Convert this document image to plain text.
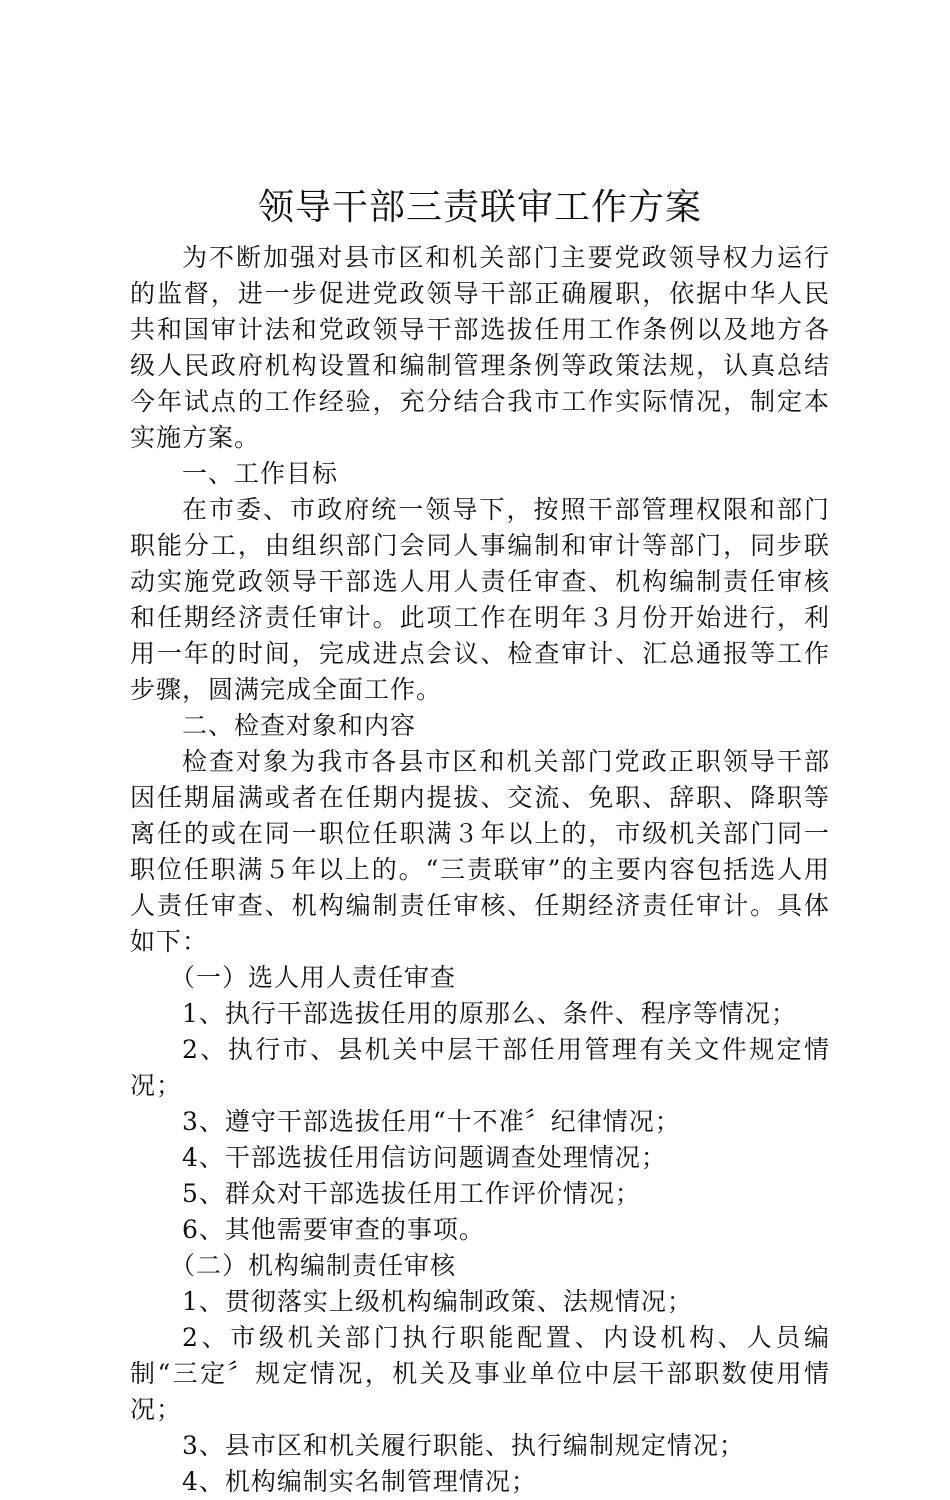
领导干部三责联审工作方案

为不断加强对县市区和机关部门主要党政领导权力运行的监督，进一步促进党政领导干部正确履职，依据中华人民共和国审计法和党政领导干部选拔任用工作条例以及地方各级人民政府机构设置和编制管理条例等政策法规，认真总结今年试点的工作经验，充分结合我市工作实际情况，制定本实施方案。

一、工作目标

在市委、市政府统一领导下，按照干部管理权限和部门职能分工，由组织部门会同人事编制和审计等部门，同步联动实施党政领导干部选人用人责任审查、机构编制责任审核和任期经济责任审计。此项工作在明年３月份开始进行，利用一年的时间，完成进点会议、检查审计、汇总通报等工作步骤，圆满完成全面工作。

二、检查对象和内容

检查对象为我市各县市区和机关部门党政正职领导干部因任期届满或者在任期内提拔、交流、免职、辞职、降职等离任的或在同一职位任职满３年以上的，市级机关部门同一职位任职满５年以上的。“三责联审”的主要内容包括选人用人责任审查、机构编制责任审核、任期经济责任审计。具体如下：

（一）选人用人责任审查

1、执行干部选拔任用的原那么、条件、程序等情况；

2、执行市、县机关中层干部任用管理有关文件规定情况；

3、遵守干部选拔任用“十不准〞纪律情况；

4、干部选拔任用信访问题调查处理情况；

5、群众对干部选拔任用工作评价情况；

6、其他需要审查的事项。

（二）机构编制责任审核

1、贯彻落实上级机构编制政策、法规情况；

2、市级机关部门执行职能配置、内设机构、人员编制“三定〞规定情况，机关及事业单位中层干部职数使用情况；

3、县市区和机关履行职能、执行编制规定情况；

4、机构编制实名制管理情况；
